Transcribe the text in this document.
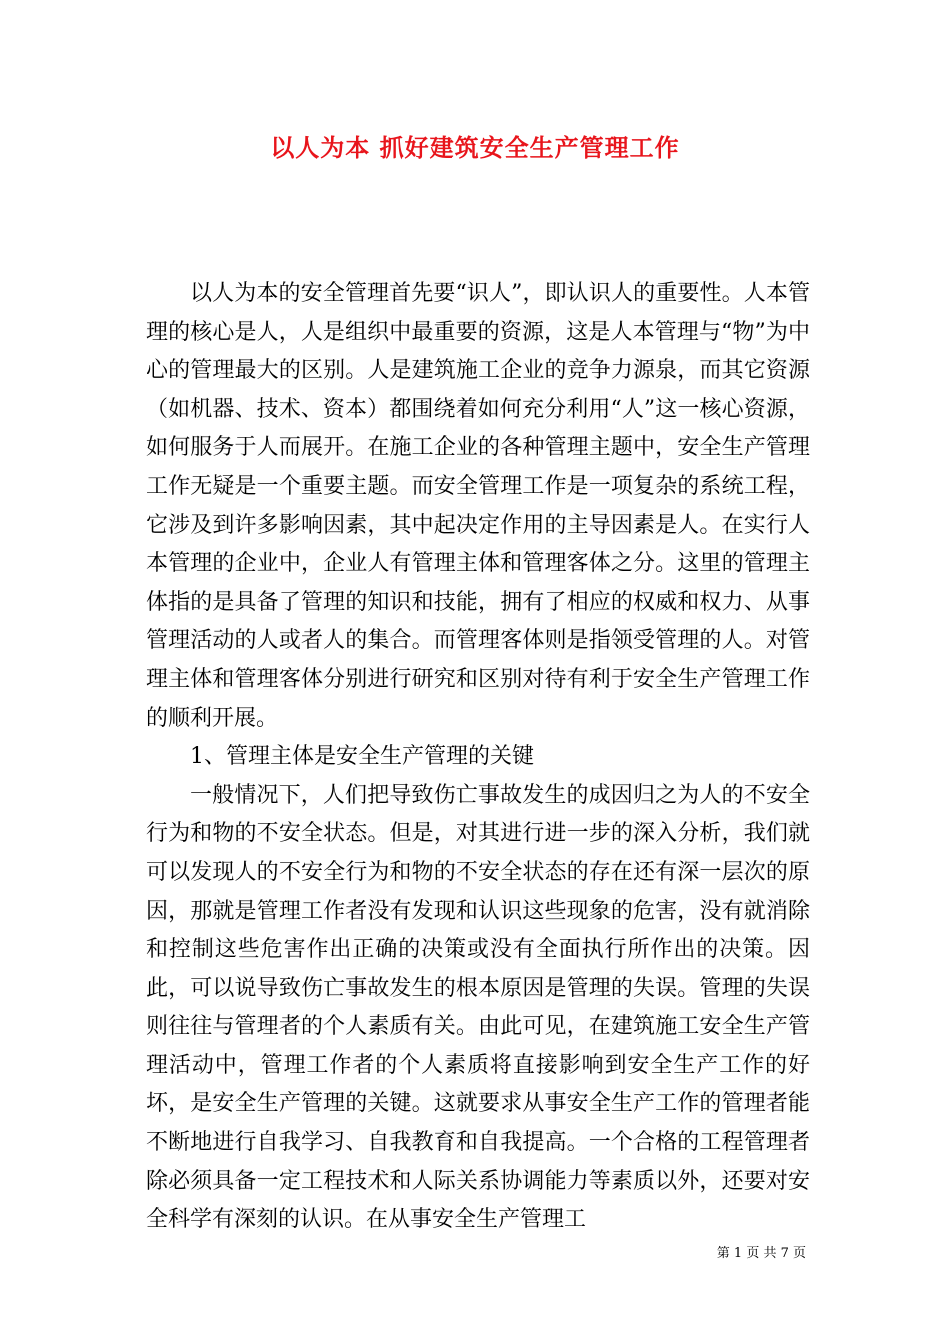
以人为本 抓好建筑安全生产管理工作

以人为本的安全管理首先要“识人”，即认识人的重要性。人本管理的核心是人，人是组织中最重要的资源，这是人本管理与“物”为中心的管理最大的区别。人是建筑施工企业的竞争力源泉，而其它资源（如机器、技术、资本）都围绕着如何充分利用“人”这一核心资源，如何服务于人而展开。在施工企业的各种管理主题中，安全生产管理工作无疑是一个重要主题。而安全管理工作是一项复杂的系统工程，它涉及到许多影响因素，其中起决定作用的主导因素是人。在实行人本管理的企业中，企业人有管理主体和管理客体之分。这里的管理主体指的是具备了管理的知识和技能，拥有了相应的权威和权力、从事管理活动的人或者人的集合。而管理客体则是指领受管理的人。对管理主体和管理客体分别进行研究和区别对待有利于安全生产管理工作的顺利开展。

1、管理主体是安全生产管理的关键

一般情况下，人们把导致伤亡事故发生的成因归之为人的不安全行为和物的不安全状态。但是，对其进行进一步的深入分析，我们就可以发现人的不安全行为和物的不安全状态的存在还有深一层次的原因，那就是管理工作者没有发现和认识这些现象的危害，没有就消除和控制这些危害作出正确的决策或没有全面执行所作出的决策。因此，可以说导致伤亡事故发生的根本原因是管理的失误。管理的失误则往往与管理者的个人素质有关。由此可见，在建筑施工安全生产管理活动中，管理工作者的个人素质将直接影响到安全生产工作的好坏，是安全生产管理的关键。这就要求从事安全生产工作的管理者能不断地进行自我学习、自我教育和自我提高。一个合格的工程管理者除必须具备一定工程技术和人际关系协调能力等素质以外，还要对安全科学有深刻的认识。在从事安全生产管理工

第 1 页 共 7 页
